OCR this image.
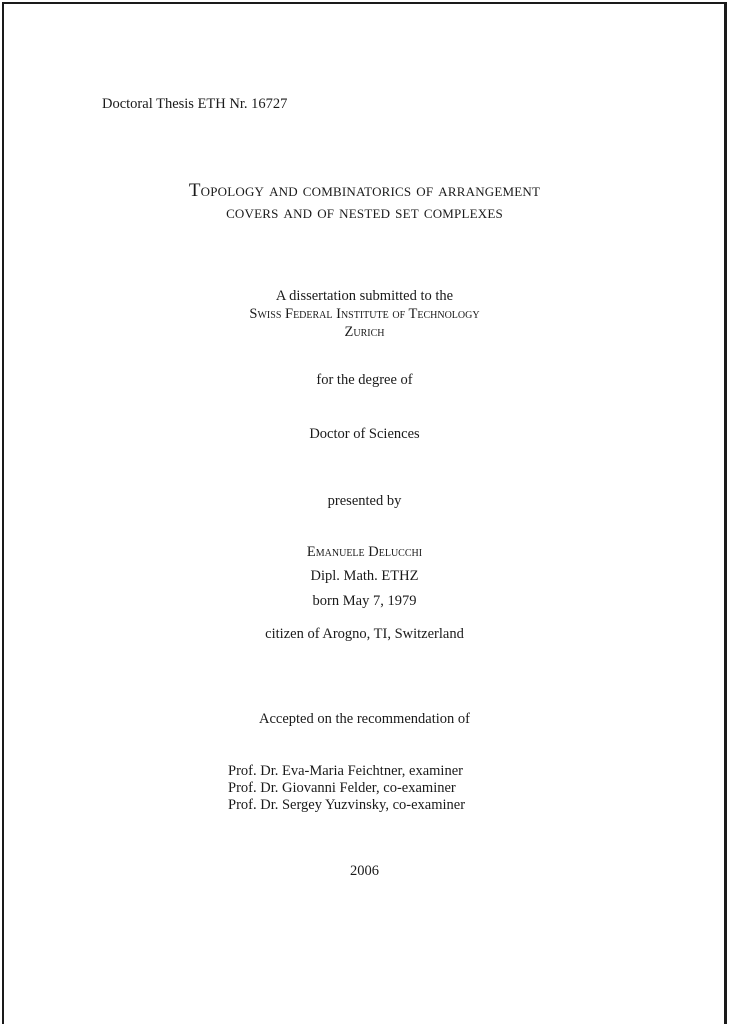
Doctoral Thesis ETH Nr. 16727
Topology and combinatorics of arrangement
covers and of nested set complexes
A dissertation submitted to the
Swiss Federal Institute of Technology
Zurich
for the degree of
Doctor of Sciences
presented by
Emanuele Delucchi
Dipl. Math. ETHZ
born May 7, 1979
citizen of Arogno, TI, Switzerland
Accepted on the recommendation of
Prof. Dr. Eva-Maria Feichtner, examiner
Prof. Dr. Giovanni Felder, co-examiner
Prof. Dr. Sergey Yuzvinsky, co-examiner
2006
